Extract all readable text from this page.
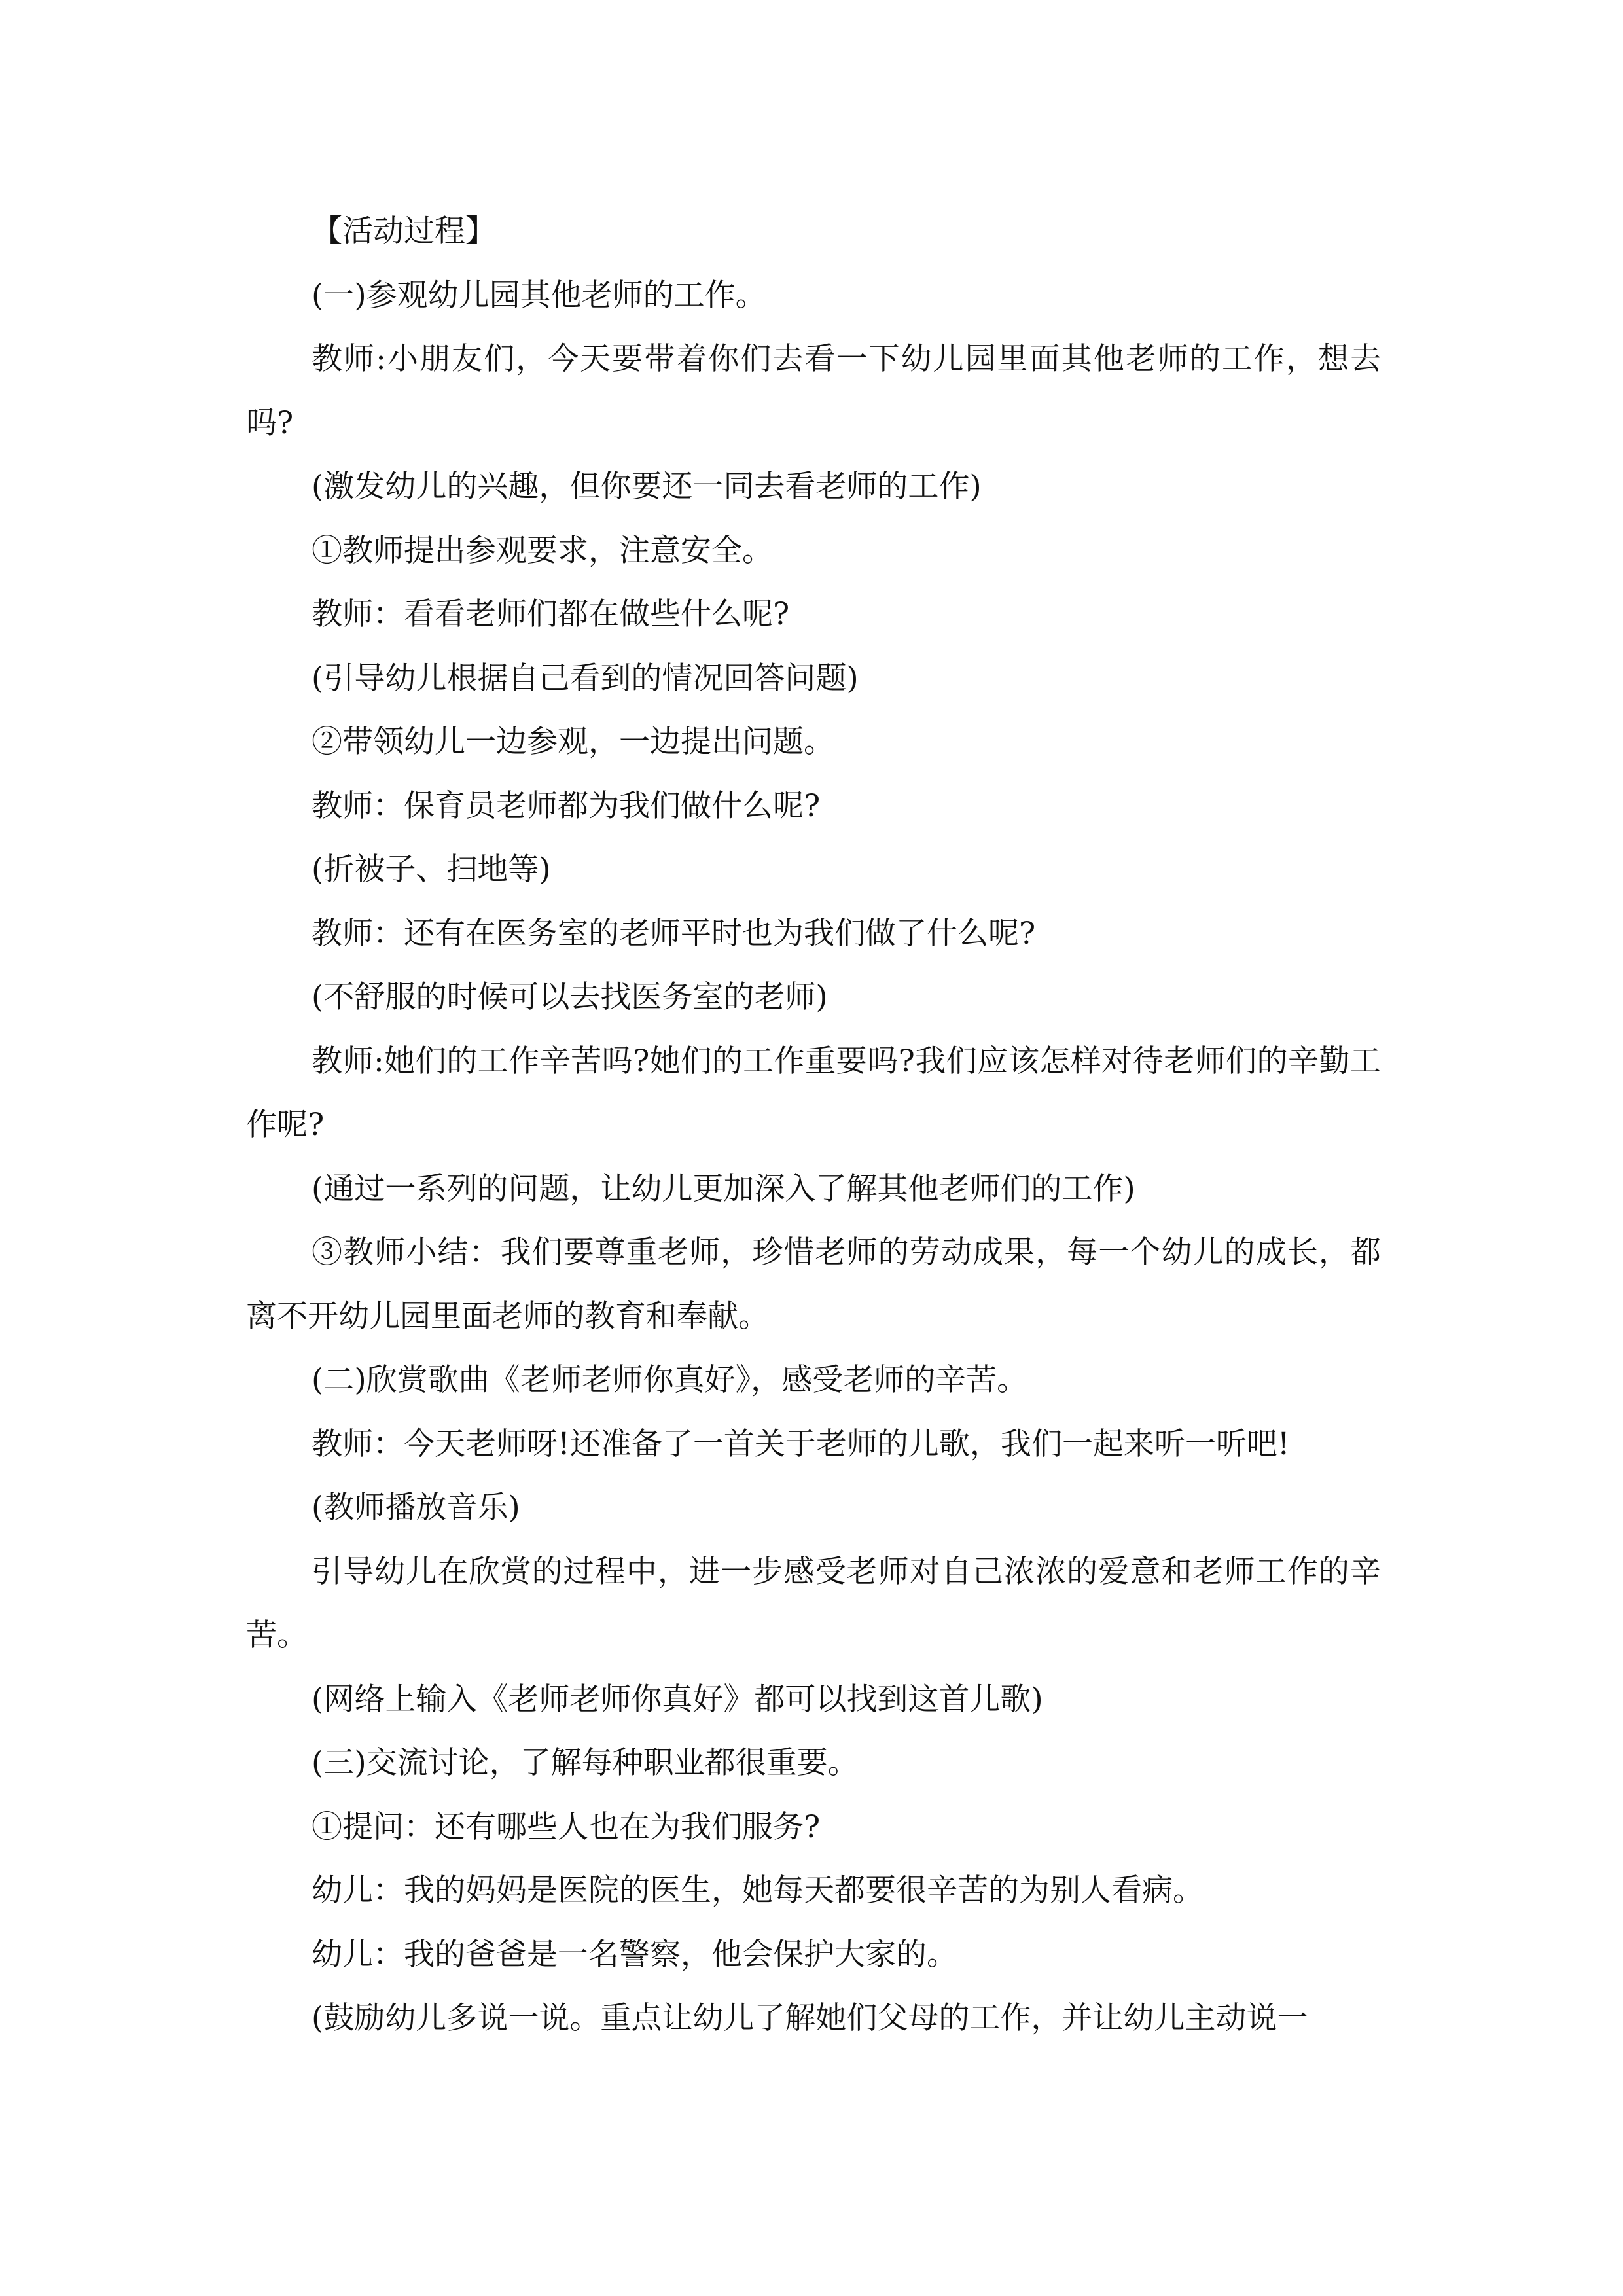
【活动过程】

(一)参观幼儿园其他老师的工作。

教师:小朋友们，今天要带着你们去看一下幼儿园里面其他老师的工作，想去吗?

(激发幼儿的兴趣，但你要还一同去看老师的工作)

①教师提出参观要求，注意安全。

教师：看看老师们都在做些什么呢?

(引导幼儿根据自己看到的情况回答问题)

②带领幼儿一边参观，一边提出问题。

教师：保育员老师都为我们做什么呢?

(折被子、扫地等)

教师：还有在医务室的老师平时也为我们做了什么呢?

(不舒服的时候可以去找医务室的老师)

教师:她们的工作辛苦吗?她们的工作重要吗?我们应该怎样对待老师们的辛勤工作呢?

(通过一系列的问题，让幼儿更加深入了解其他老师们的工作)

③教师小结：我们要尊重老师，珍惜老师的劳动成果，每一个幼儿的成长，都离不开幼儿园里面老师的教育和奉献。

(二)欣赏歌曲《老师老师你真好》，感受老师的辛苦。

教师：今天老师呀!还准备了一首关于老师的儿歌，我们一起来听一听吧!

(教师播放音乐)

引导幼儿在欣赏的过程中，进一步感受老师对自己浓浓的爱意和老师工作的辛苦。

(网络上输入《老师老师你真好》都可以找到这首儿歌)

(三)交流讨论，了解每种职业都很重要。

①提问：还有哪些人也在为我们服务?

幼儿：我的妈妈是医院的医生，她每天都要很辛苦的为别人看病。

幼儿：我的爸爸是一名警察，他会保护大家的。

(鼓励幼儿多说一说。重点让幼儿了解她们父母的工作，并让幼儿主动说一
